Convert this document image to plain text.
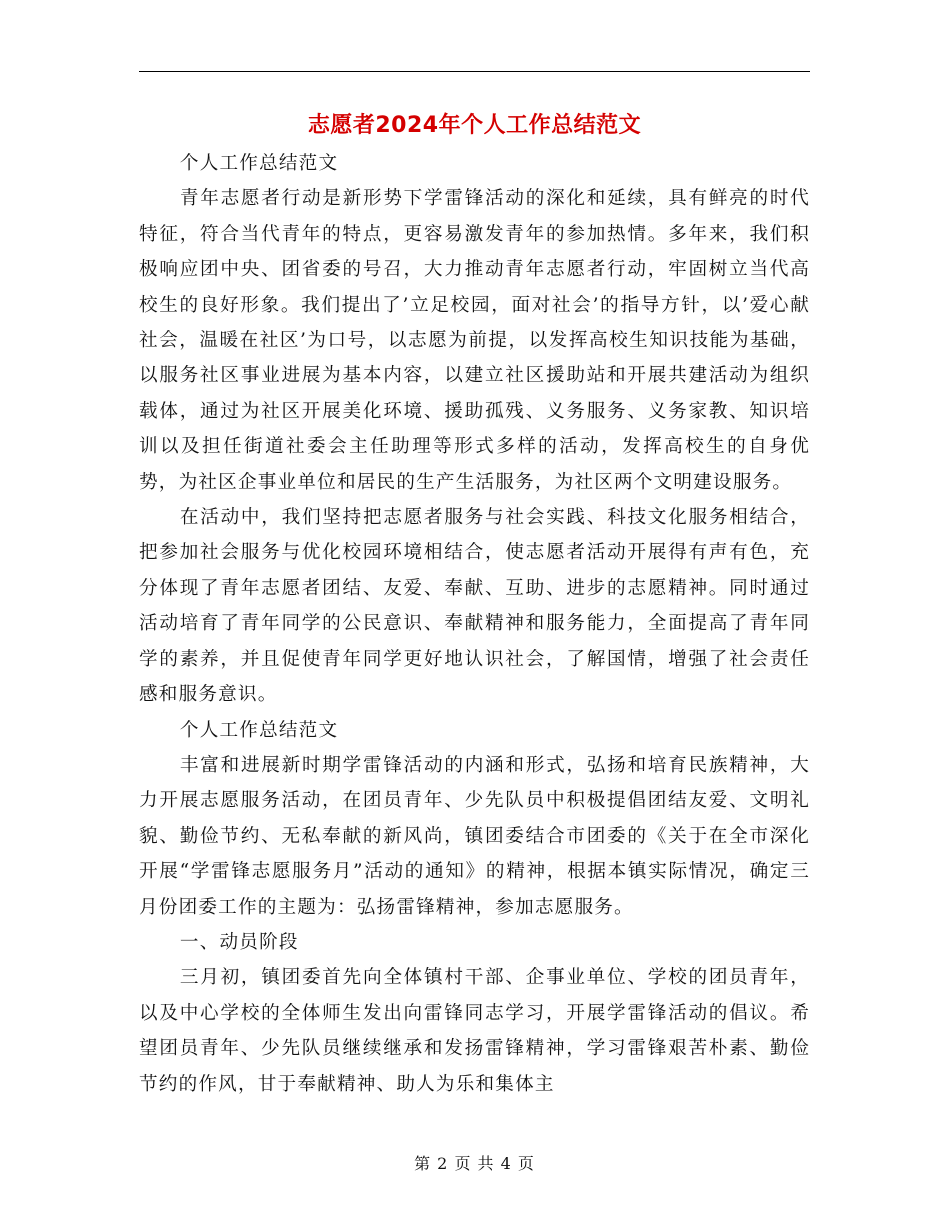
志愿者2024年个人工作总结范文

个人工作总结范文

青年志愿者行动是新形势下学雷锋活动的深化和延续，具有鲜亮的时代特征，符合当代青年的特点，更容易激发青年的参加热情。多年来，我们积极响应团中央、团省委的号召，大力推动青年志愿者行动，牢固树立当代高校生的良好形象。我们提出了’立足校园，面对社会’的指导方针，以’爱心献社会，温暖在社区’为口号，以志愿为前提，以发挥高校生知识技能为基础，以服务社区事业进展为基本内容，以建立社区援助站和开展共建活动为组织载体，通过为社区开展美化环境、援助孤残、义务服务、义务家教、知识培训以及担任街道社委会主任助理等形式多样的活动，发挥高校生的自身优势，为社区企事业单位和居民的生产生活服务，为社区两个文明建设服务。

在活动中，我们坚持把志愿者服务与社会实践、科技文化服务相结合，把参加社会服务与优化校园环境相结合，使志愿者活动开展得有声有色，充分体现了青年志愿者团结、友爱、奉献、互助、进步的志愿精神。同时通过活动培育了青年同学的公民意识、奉献精神和服务能力，全面提高了青年同学的素养，并且促使青年同学更好地认识社会，了解国情，增强了社会责任感和服务意识。

个人工作总结范文

丰富和进展新时期学雷锋活动的内涵和形式，弘扬和培育民族精神，大力开展志愿服务活动，在团员青年、少先队员中积极提倡团结友爱、文明礼貌、勤俭节约、无私奉献的新风尚，镇团委结合市团委的《关于在全市深化开展“学雷锋志愿服务月”活动的通知》的精神，根据本镇实际情况，确定三月份团委工作的主题为：弘扬雷锋精神，参加志愿服务。

一、动员阶段

三月初，镇团委首先向全体镇村干部、企事业单位、学校的团员青年，以及中心学校的全体师生发出向雷锋同志学习，开展学雷锋活动的倡议。希望团员青年、少先队员继续继承和发扬雷锋精神，学习雷锋艰苦朴素、勤俭节约的作风，甘于奉献精神、助人为乐和集体主

第 2 页 共 4 页
